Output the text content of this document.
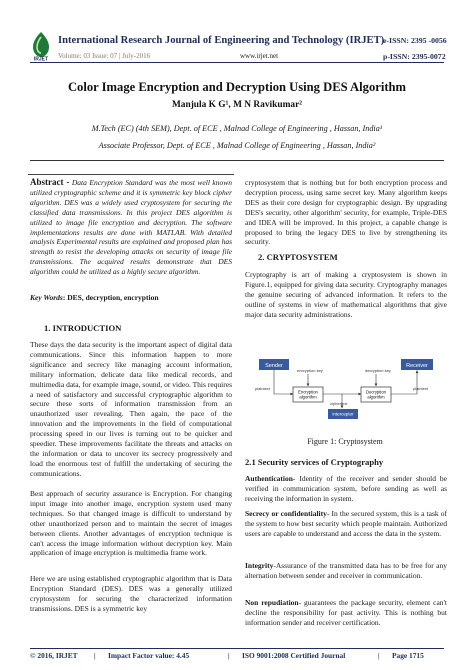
IRJET
International Research Journal of Engineering and Technology (IRJET)
e-ISSN: 2395 -0056
Volume: 03 Issue: 07 | July-2016	www.irjet.net	p-ISSN: 2395-0072
Color Image Encryption and Decryption Using DES Algorithm
Manjula K G¹, M N Ravikumar²
M.Tech (EC) (4th SEM), Dept. of ECE , Malnad College of Engineering , Hassan, India¹
Associate Professor, Dept. of ECE , Malnad College of Engineering , Hassan, India²

Abstract - Data Encryption Standard was the most well known utilized cryptographic scheme and it is symmetric key block cipher algorithm. DES was a widely used cryptosystem for securing the classified data transmissions. In this project DES algorithm is utilized to image file encryption and decryption. The software implementations results are done with MATLAB. With detailed analysis Experimental results are explained and proposed plan has strength to resist the developing attacks on security of image file transmissions. The acquired results demonstrate that DES algorithm could be utilized as a highly secure algorithm.

Key Words: DES, decryption, encryption

1. INTRODUCTION

These days the data security is the important aspect of digital data communications. Since this information happen to more significance and secrecy like managing account information, military information, delicate data like medical records, and multimedia data, for example image, sound, or video. This requires a need of satisfactory and successful cryptographic algorithm to secure these sorts of information transmission from an unauthorized user revealing. Then again, the pace of the innovation and the improvements in the field of computational processing speed in our lives is turning out to be quicker and speedier. These improvements facilitate the threats and attacks on the information or data to uncover its secrecy progressively and load the enormous test of fulfill the undertaking of securing the communications.

Best approach of security assurance is Encryption. For changing input image into another image, encryption system used many techniques. So that changed image is difficult to understand by other unauthorized person and to maintain the secret of images between clients. Another advantages of encryption technique is can't access the image information without decryption key. Main application of image encryption is multimedia frame work.

Here we are using established cryptographic algorithm that is Data Encryption Standard (DES). DES was a generally utilized cryptosystem for securing the characterized information transmissions. DES is a symmetric key

cryptosystem that is nothing but for both encryption process and decryption process, using same secret key. Many algorithm keeps DES as their core design for cryptographic design. By upgrading DES's security, other algorithm' security, for example, Triple-DES and IDEA will be improved. In this project, a capable change is proposed to bring the legacy DES to live by strengthening its security.

2. CRYPTOSYSTEM

Cryptography is art of making a cryptosystem is shown in Figure.1, equipped for giving data security. Cryptography manages the genuine securing of advanced information. It refers to the outline of systems in view of mathematical algorithms that give major data security administrations.

Sender	Receiver
encryption key	decryption key
plaintext	plaintext
Encryption
algorithm
Decryption
algorithm
ciphertext
interceptor
Figure 1: Cryptosystem
2.1 Security services of Cryptography

Authentication- Identity of the receiver and sender should be verified in communication system, before sending as well as receiving the information in system.

Secrecy or confidentiality- In the secured system, this is a task of the system to how best security which people maintain. Authorized users are capable to understand and access the data in the system.

Integrity-Assurance of the transmitted data has to be free for any alternation between sender and receiver in communication.

Non repudiation- guarantees the package security, element can't decline the responsibility for past activity. This is nothing but information sender and receiver certification.

© 2016, IRJET | Impact Factor value: 4.45	| ISO 9001:2008 Certified Journal	| Page 1715
